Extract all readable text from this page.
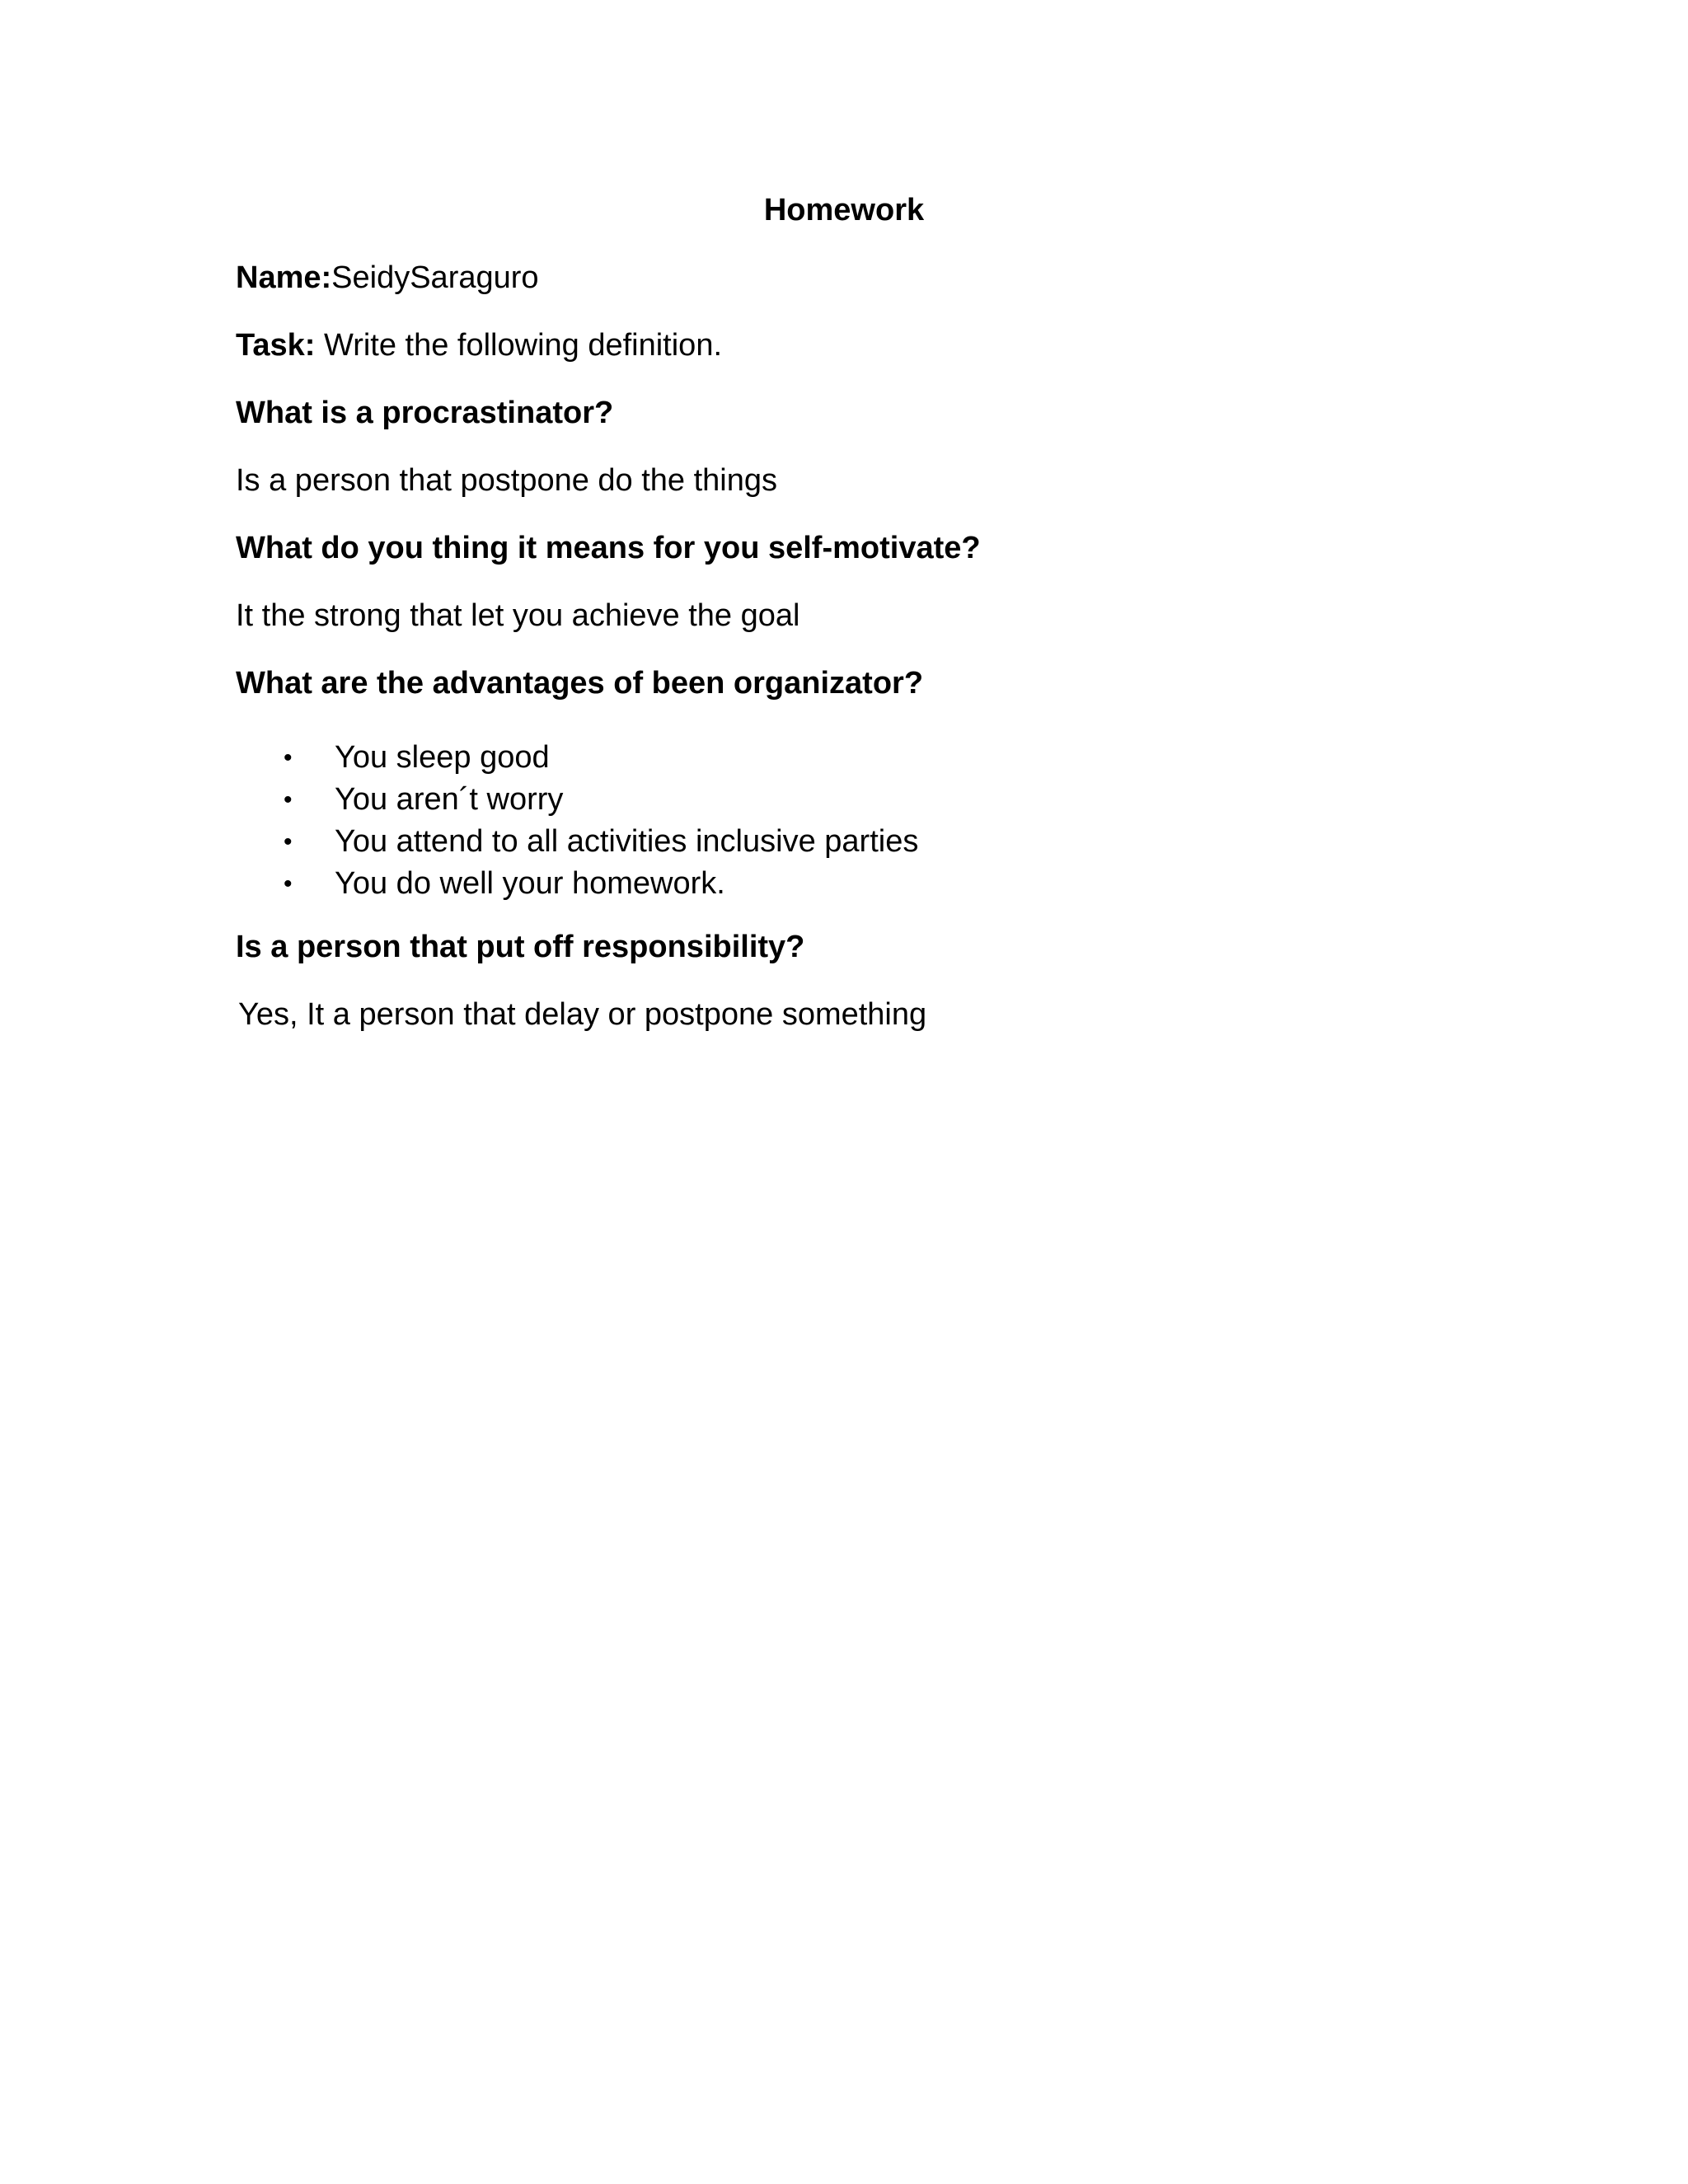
Homework
Name:SeidySaraguro
Task: Write the following definition.
What is a procrastinator?
Is a person that postpone do the things
What do you thing it means for you self-motivate?
It the strong that let you achieve the goal
What are the advantages of been organizator?
• You sleep good
• You aren´t worry
• You attend to all activities inclusive parties
• You do well your homework.
Is a person that put off responsibility?
Yes, It a person that delay or postpone something
